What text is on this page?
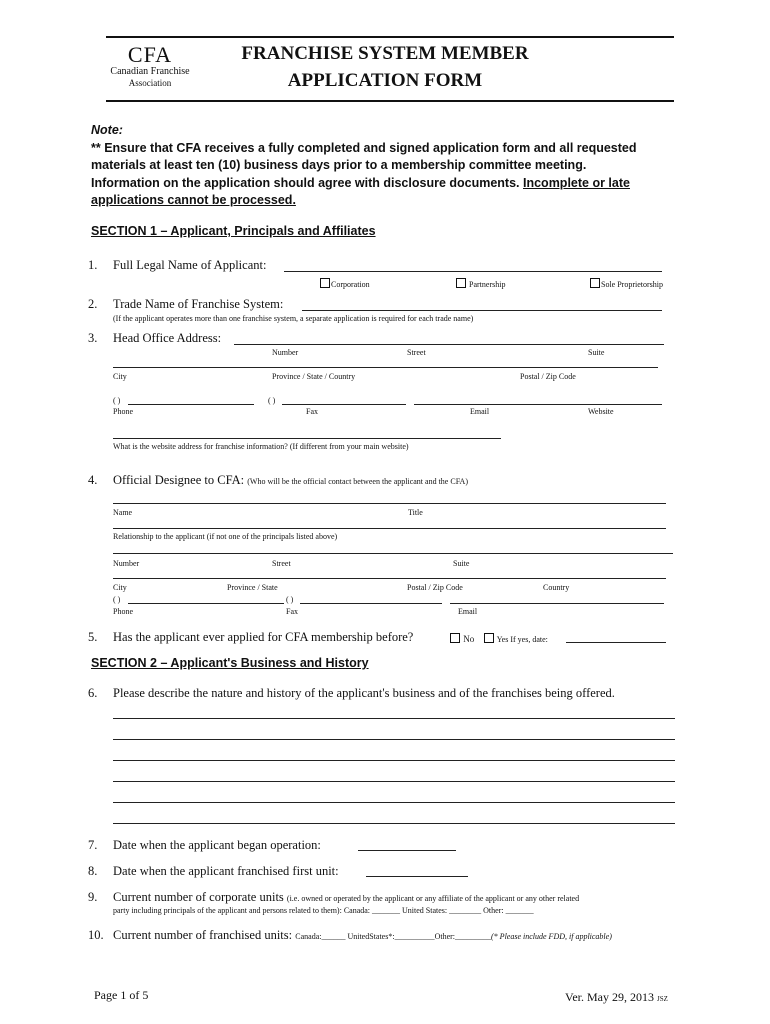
CFA
Canadian Franchise
Association
FRANCHISE SYSTEM MEMBER
APPLICATION FORM
Note:
** Ensure that CFA receives a fully completed and signed application form and all requested
materials at least ten (10) business days prior to a membership committee meeting.
Information on the application should agree with disclosure documents. Incomplete or late
applications cannot be processed.
SECTION 1 – Applicant, Principals and Affiliates
1. Full Legal Name of Applicant:
Corporation	Partnership	Sole Proprietorship
2. Trade Name of Franchise System:
(If the applicant operates more than one franchise system, a separate application is required for each trade name)
3. Head Office Address:
Number	Street	Suite
City	Province / State / Country	Postal / Zip Code
( )	( )
Phone	Fax	Email	Website
What is the website address for franchise information? (If different from your main website)
4. Official Designee to CFA: (Who will be the official contact between the applicant and the CFA)
Name	Title
Relationship to the applicant (if not one of the principals listed above)
Number	Street	Suite
City	Province / State	Postal / Zip Code	Country
( )	( )
Phone	Fax	Email
5. Has the applicant ever applied for CFA membership before?	No	Yes If yes, date:
SECTION 2 – Applicant's Business and History
6. Please describe the nature and history of the applicant's business and of the franchises being offered.
7. Date when the applicant began operation:
8. Date when the applicant franchised first unit:
9. Current number of corporate units (i.e. owned or operated by the applicant or any affiliate of the applicant or any other related
party including principals of the applicant and persons related to them): Canada: _______ United States: ________ Other: _______
10. Current number of franchised units: Canada:______ UnitedStates*:__________Other:_________(* Please include FDD, if applicable)
Page 1 of 5	Ver. May 29, 2013 JSZ
